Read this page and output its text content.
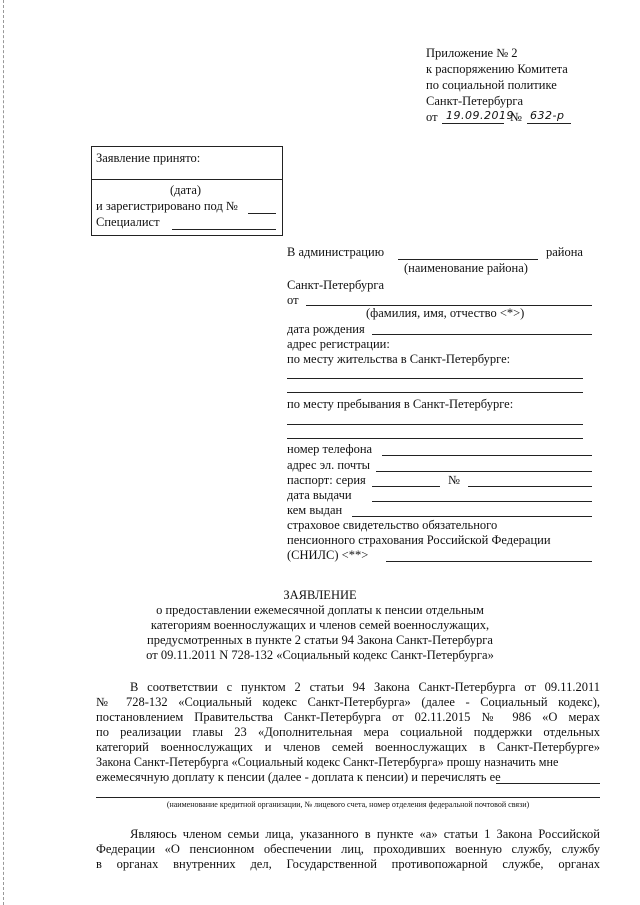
Приложение № 2
к распоряжению Комитета
по социальной политике
Санкт-Петербурга
от 19.09.2019
№ 632-р
Заявление принято:
(дата)
и зарегистрировано под №
Специалист
В администрацию	района
(наименование района)
Санкт-Петербурга
от
(фамилия, имя, отчество <*>)
дата рождения
адрес регистрации:
по месту жительства в Санкт-Петербурге:
по месту пребывания в Санкт-Петербурге:
номер телефона
адрес эл. почты
паспорт: серия	№
дата выдачи
кем выдан
страховое свидетельство обязательного
пенсионного страхования Российской Федерации
(СНИЛС) <**>
ЗАЯВЛЕНИЕ
о предоставлении ежемесячной доплаты к пенсии отдельным
категориям военнослужащих и членов семей военнослужащих,
предусмотренных в пункте 2 статьи 94 Закона Санкт-Петербурга
от 09.11.2011 N 728-132 «Социальный кодекс Санкт-Петербурга»
В соответствии с пунктом 2 статьи 94 Закона Санкт-Петербурга от 09.11.2011
№ 728-132 «Социальный кодекс Санкт-Петербурга» (далее - Социальный кодекс),
постановлением Правительства Санкт-Петербурга от 02.11.2015 № 986 «О мерах
по реализации главы 23 «Дополнительная мера социальной поддержки отдельных
категорий военнослужащих и членов семей военнослужащих в Санкт-Петербурге»
Закона Санкт-Петербурга «Социальный кодекс Санкт-Петербурга» прошу назначить мне
ежемесячную доплату к пенсии (далее - доплата к пенсии) и перечислять ее
(наименование кредитной организации, № лицевого счета, номер отделения федеральной почтовой связи)
Являюсь членом семьи лица, указанного в пункте «а» статьи 1 Закона Российской
Федерации «О пенсионном обеспечении лиц, проходивших военную службу, службу
в органах внутренних дел, Государственной противопожарной службе, органах
